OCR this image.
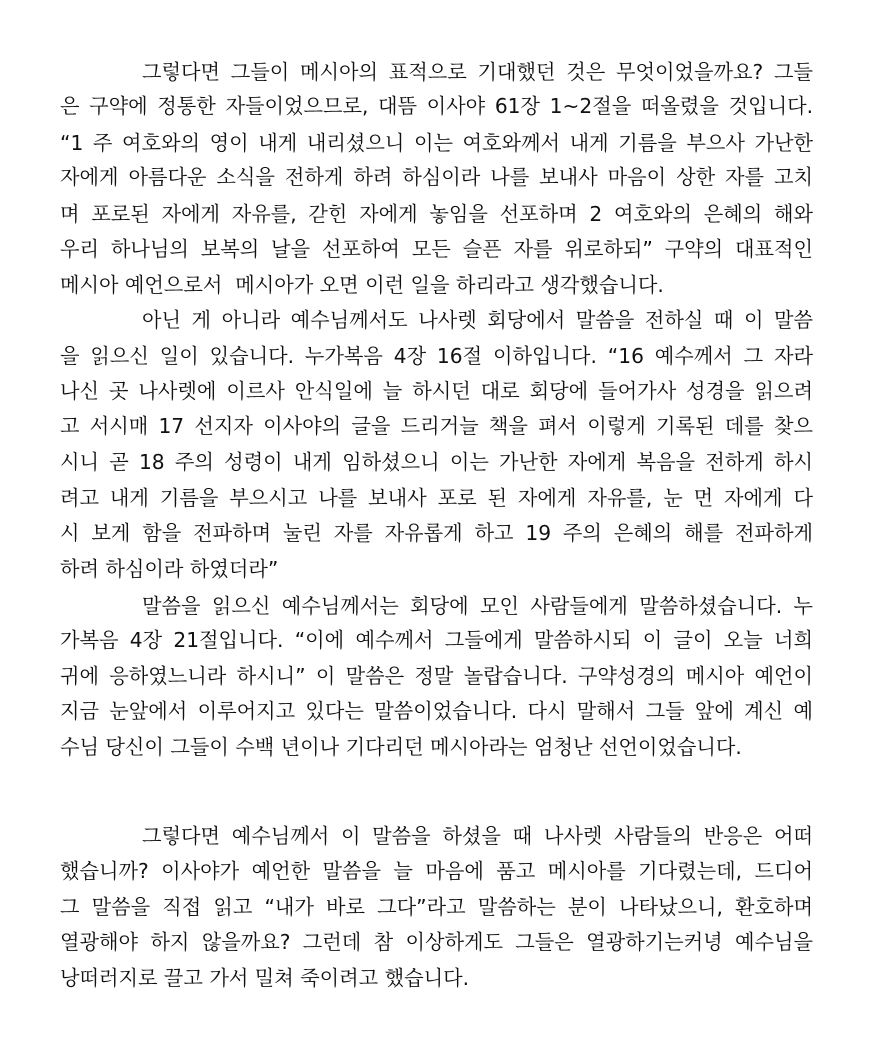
그렇다면 그들이 메시아의 표적으로 기대했던 것은 무엇이었을까요? 그들
은 구약에 정통한 자들이었으므로, 대뜸 이사야 61장 1~2절을 떠올렸을 것입니다.
“1 주 여호와의 영이 내게 내리셨으니 이는 여호와께서 내게 기름을 부으사 가난한
자에게 아름다운 소식을 전하게 하려 하심이라 나를 보내사 마음이 상한 자를 고치
며 포로된 자에게 자유를, 갇힌 자에게 놓임을 선포하며 2 여호와의 은혜의 해와
우리 하나님의 보복의 날을 선포하여 모든 슬픈 자를 위로하되” 구약의 대표적인
메시아 예언으로서  메시아가 오면 이런 일을 하리라고 생각했습니다.
아닌 게 아니라 예수님께서도 나사렛 회당에서 말씀을 전하실 때 이 말씀
을 읽으신 일이 있습니다. 누가복음 4장 16절 이하입니다. “16 예수께서 그 자라
나신 곳 나사렛에 이르사 안식일에 늘 하시던 대로 회당에 들어가사 성경을 읽으려
고 서시매 17 선지자 이사야의 글을 드리거늘 책을 펴서 이렇게 기록된 데를 찾으
시니 곧 18 주의 성령이 내게 임하셨으니 이는 가난한 자에게 복음을 전하게 하시
려고 내게 기름을 부으시고 나를 보내사 포로 된 자에게 자유를, 눈 먼 자에게 다
시 보게 함을 전파하며 눌린 자를 자유롭게 하고 19 주의 은혜의 해를 전파하게
하려 하심이라 하였더라”
말씀을 읽으신 예수님께서는 회당에 모인 사람들에게 말씀하셨습니다. 누
가복음 4장 21절입니다. “이에 예수께서 그들에게 말씀하시되 이 글이 오늘 너희
귀에 응하였느니라 하시니” 이 말씀은 정말 놀랍습니다. 구약성경의 메시아 예언이
지금 눈앞에서 이루어지고 있다는 말씀이었습니다. 다시 말해서 그들 앞에 계신 예
수님 당신이 그들이 수백 년이나 기다리던 메시아라는 엄청난 선언이었습니다.
그렇다면 예수님께서 이 말씀을 하셨을 때 나사렛 사람들의 반응은 어떠
했습니까? 이사야가 예언한 말씀을 늘 마음에 품고 메시아를 기다렸는데, 드디어
그 말씀을 직접 읽고 “내가 바로 그다”라고 말씀하는 분이 나타났으니, 환호하며
열광해야 하지 않을까요? 그런데 참 이상하게도 그들은 열광하기는커녕 예수님을
낭떠러지로 끌고 가서 밀쳐 죽이려고 했습니다.
